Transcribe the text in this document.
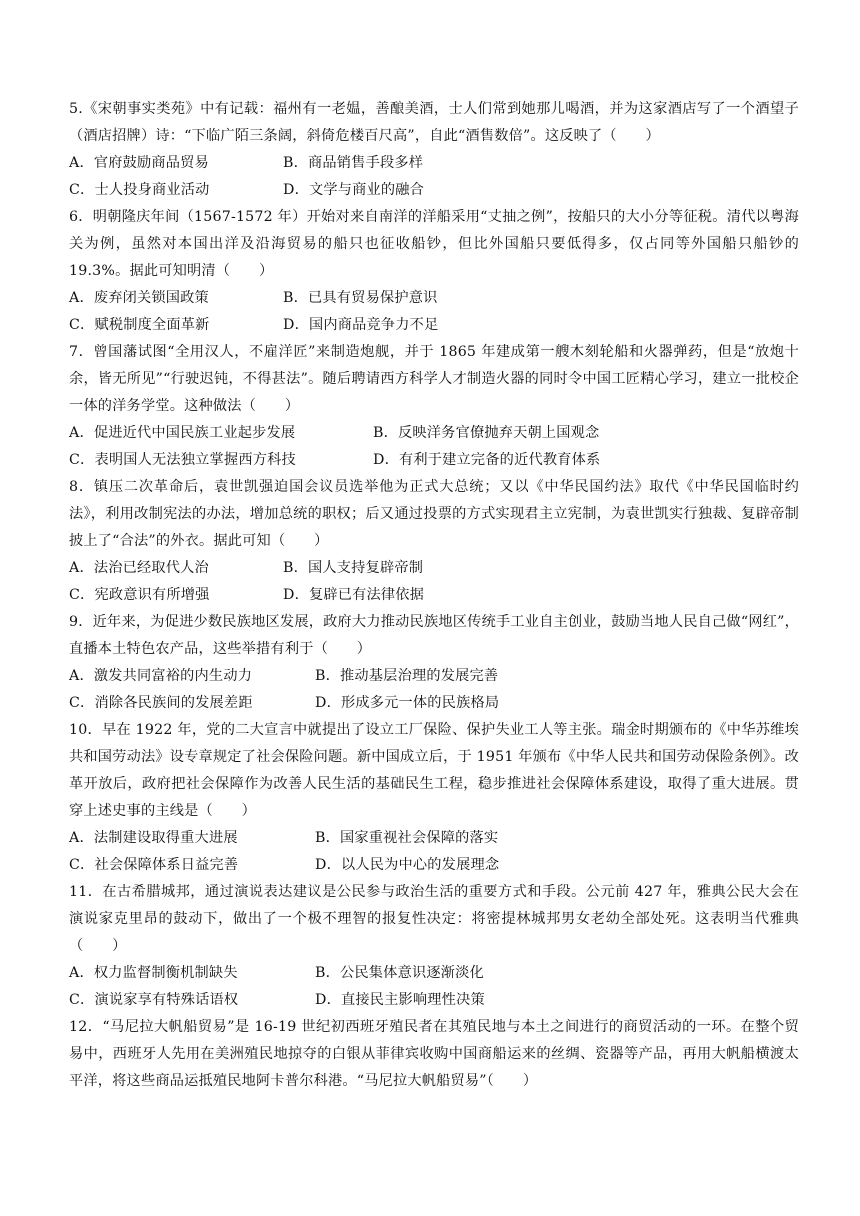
5.《宋朝事实类苑》中有记载：福州有一老媪，善酿美酒，士人们常到她那儿喝酒，并为这家酒店写了一个酒望子（酒店招牌）诗：“下临广陌三条阔，斜倚危楼百尺高”，自此“酒售数倍”。这反映了（　　）

A．官府鼓励商品贸易	B．商品销售手段多样
C．士人投身商业活动	D．文学与商业的融合

6．明朝隆庆年间（1567-1572 年）开始对来自南洋的洋船采用“丈抽之例”，按船只的大小分等征税。清代以粤海关为例，虽然对本国出洋及沿海贸易的船只也征收船钞，但比外国船只要低得多，仅占同等外国船只船钞的 19.3%。据此可知明清（　　）

A．废弃闭关锁国政策	B．已具有贸易保护意识
C．赋税制度全面革新	D．国内商品竞争力不足

7．曾国藩试图“全用汉人，不雇洋匠”来制造炮舰，并于 1865 年建成第一艘木刻轮船和火器弹药，但是“放炮十余，皆无所见”“行驶迟钝，不得甚法”。随后聘请西方科学人才制造火器的同时令中国工匠精心学习，建立一批校企一体的洋务学堂。这种做法（　　）

A．促进近代中国民族工业起步发展	B．反映洋务官僚抛弃天朝上国观念
C．表明国人无法独立掌握西方科技	D．有利于建立完备的近代教育体系

8．镇压二次革命后，袁世凯强迫国会议员选举他为正式大总统；又以《中华民国约法》取代《中华民国临时约法》，利用改制宪法的办法，增加总统的职权；后又通过投票的方式实现君主立宪制，为袁世凯实行独裁、复辟帝制披上了“合法”的外衣。据此可知（　　）

A．法治已经取代人治	B．国人支持复辟帝制
C．宪政意识有所增强	D．复辟已有法律依据

9．近年来，为促进少数民族地区发展，政府大力推动民族地区传统手工业自主创业，鼓励当地人民自己做“网红”，直播本土特色农产品，这些举措有利于（　　）

A．激发共同富裕的内生动力	B．推动基层治理的发展完善
C．消除各民族间的发展差距	D．形成多元一体的民族格局

10．早在 1922 年，党的二大宣言中就提出了设立工厂保险、保护失业工人等主张。瑞金时期颁布的《中华苏维埃共和国劳动法》设专章规定了社会保险问题。新中国成立后，于 1951 年颁布《中华人民共和国劳动保险条例》。改革开放后，政府把社会保障作为改善人民生活的基础民生工程，稳步推进社会保障体系建设，取得了重大进展。贯穿上述史事的主线是（　　）

A．法制建设取得重大进展	B．国家重视社会保障的落实
C．社会保障体系日益完善	D．以人民为中心的发展理念

11．在古希腊城邦，通过演说表达建议是公民参与政治生活的重要方式和手段。公元前 427 年，雅典公民大会在演说家克里昂的鼓动下，做出了一个极不理智的报复性决定：将密提林城邦男女老幼全部处死。这表明当代雅典（　　）

A．权力监督制衡机制缺失	B．公民集体意识逐渐淡化
C．演说家享有特殊话语权	D．直接民主影响理性决策

12．“马尼拉大帆船贸易”是 16-19 世纪初西班牙殖民者在其殖民地与本土之间进行的商贸活动的一环。在整个贸易中，西班牙人先用在美洲殖民地掠夺的白银从菲律宾收购中国商船运来的丝绸、瓷器等产品，再用大帆船横渡太平洋，将这些商品运抵殖民地阿卡普尔科港。“马尼拉大帆船贸易”（　　）
